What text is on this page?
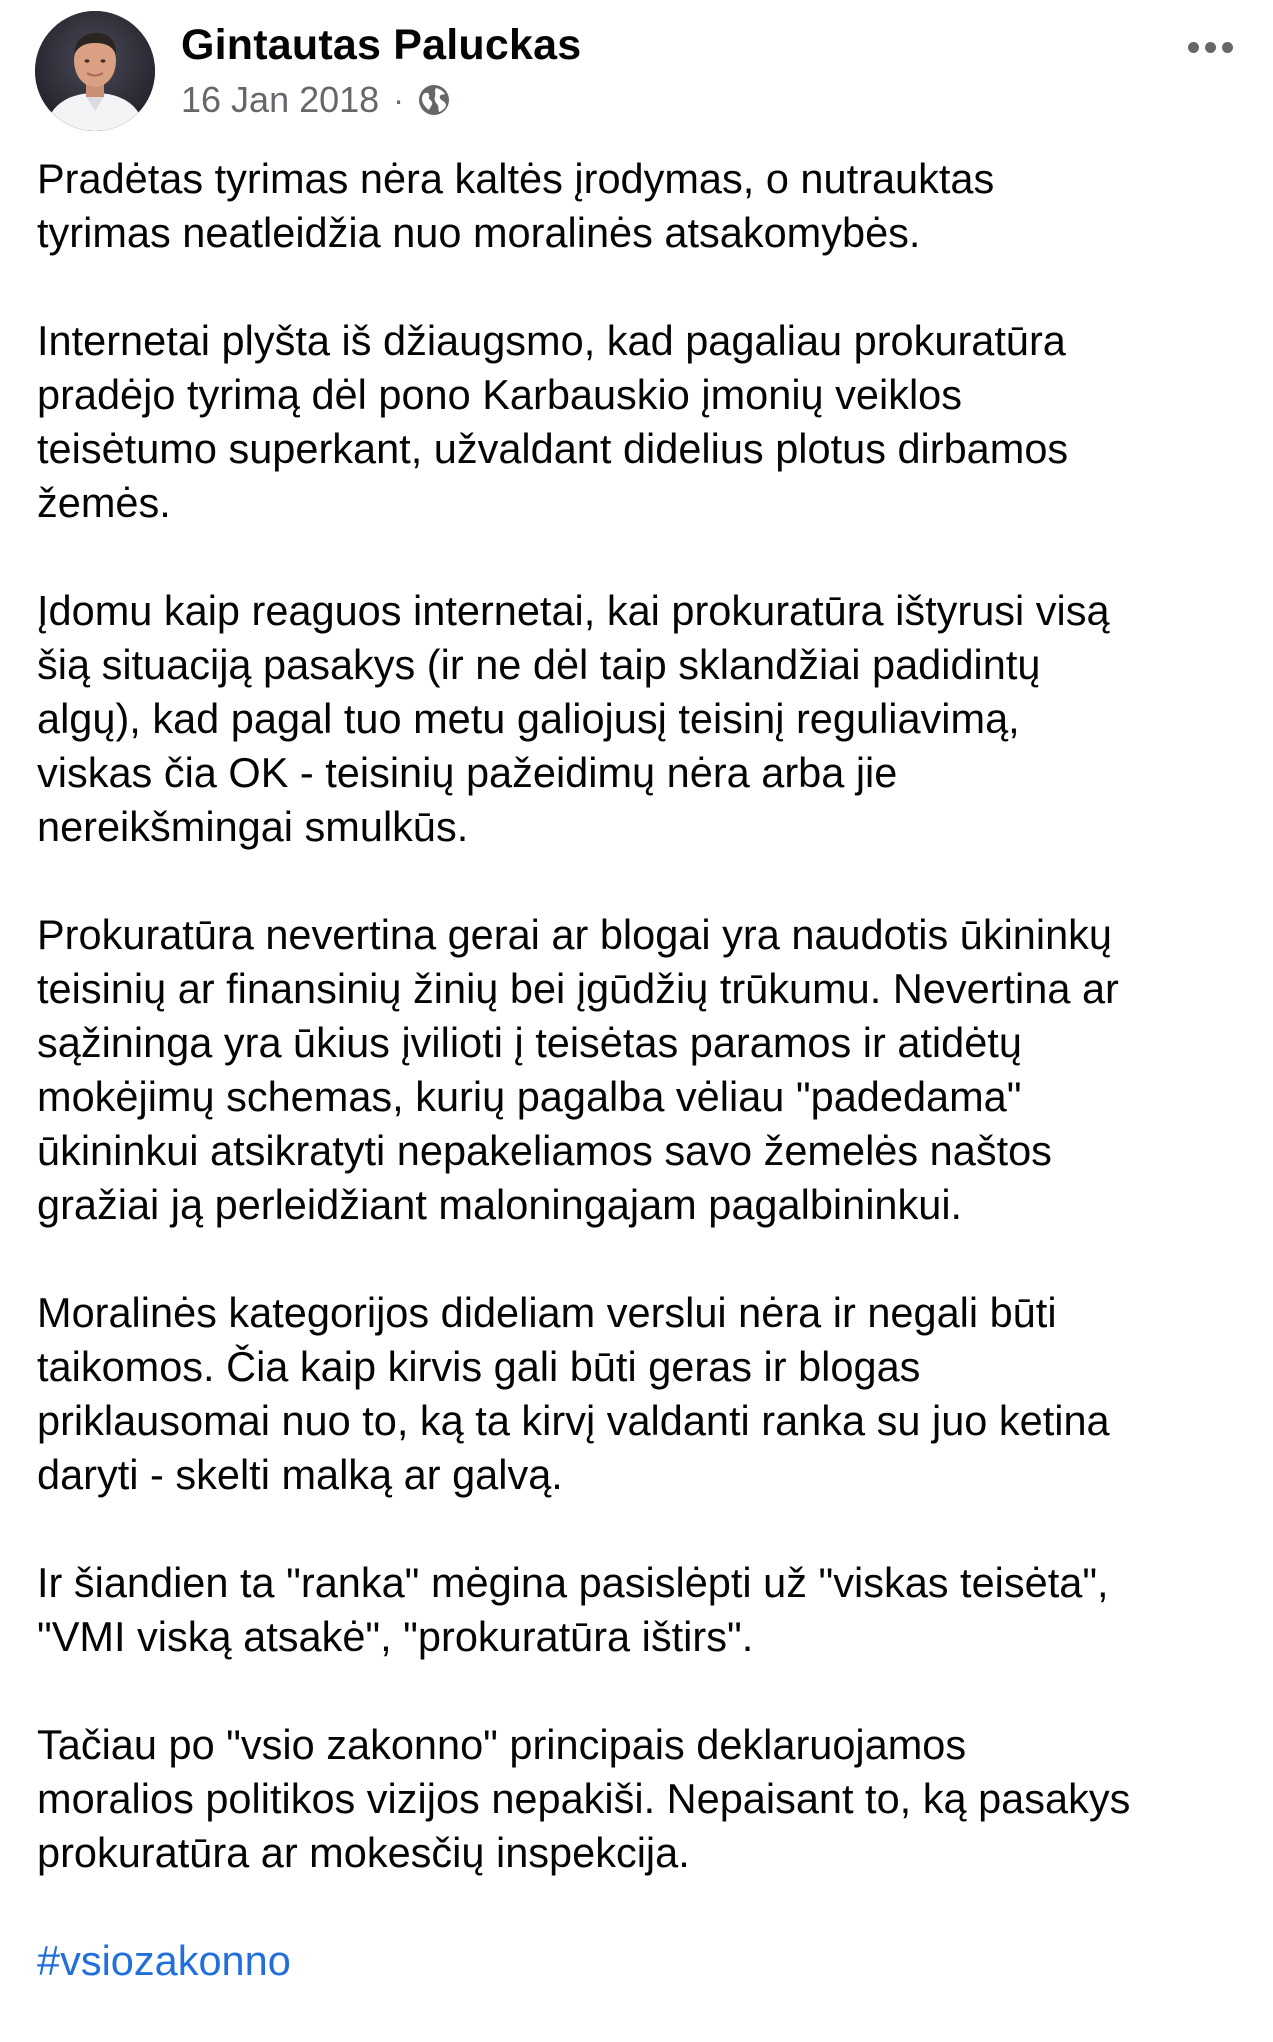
Gintautas Paluckas
16 Jan 2018 ·

Pradėtas tyrimas nėra kaltės įrodymas, o nutrauktas
tyrimas neatleidžia nuo moralinės atsakomybės.

Internetai plyšta iš džiaugsmo, kad pagaliau prokuratūra
pradėjo tyrimą dėl pono Karbauskio įmonių veiklos
teisėtumo superkant, užvaldant didelius plotus dirbamos
žemės.

Įdomu kaip reaguos internetai, kai prokuratūra ištyrusi visą
šią situaciją pasakys (ir ne dėl taip sklandžiai padidintų
algų), kad pagal tuo metu galiojusį teisinį reguliavimą,
viskas čia OK - teisinių pažeidimų nėra arba jie
nereikšmingai smulkūs.

Prokuratūra nevertina gerai ar blogai yra naudotis ūkininkų
teisinių ar finansinių žinių bei įgūdžių trūkumu. Nevertina ar
sąžininga yra ūkius įvilioti į teisėtas paramos ir atidėtų
mokėjimų schemas, kurių pagalba vėliau "padedama"
ūkininkui atsikratyti nepakeliamos savo žemelės naštos
gražiai ją perleidžiant maloningajam pagalbininkui.

Moralinės kategorijos dideliam verslui nėra ir negali būti
taikomos. Čia kaip kirvis gali būti geras ir blogas
priklausomai nuo to, ką ta kirvį valdanti ranka su juo ketina
daryti - skelti malką ar galvą.

Ir šiandien ta "ranka" mėgina pasislėpti už "viskas teisėta",
"VMI viską atsakė", "prokuratūra ištirs".

Tačiau po "vsio zakonno" principais deklaruojamos
moralios politikos vizijos nepakiši. Nepaisant to, ką pasakys
prokuratūra ar mokesčių inspekcija.

#vsiozakonno
